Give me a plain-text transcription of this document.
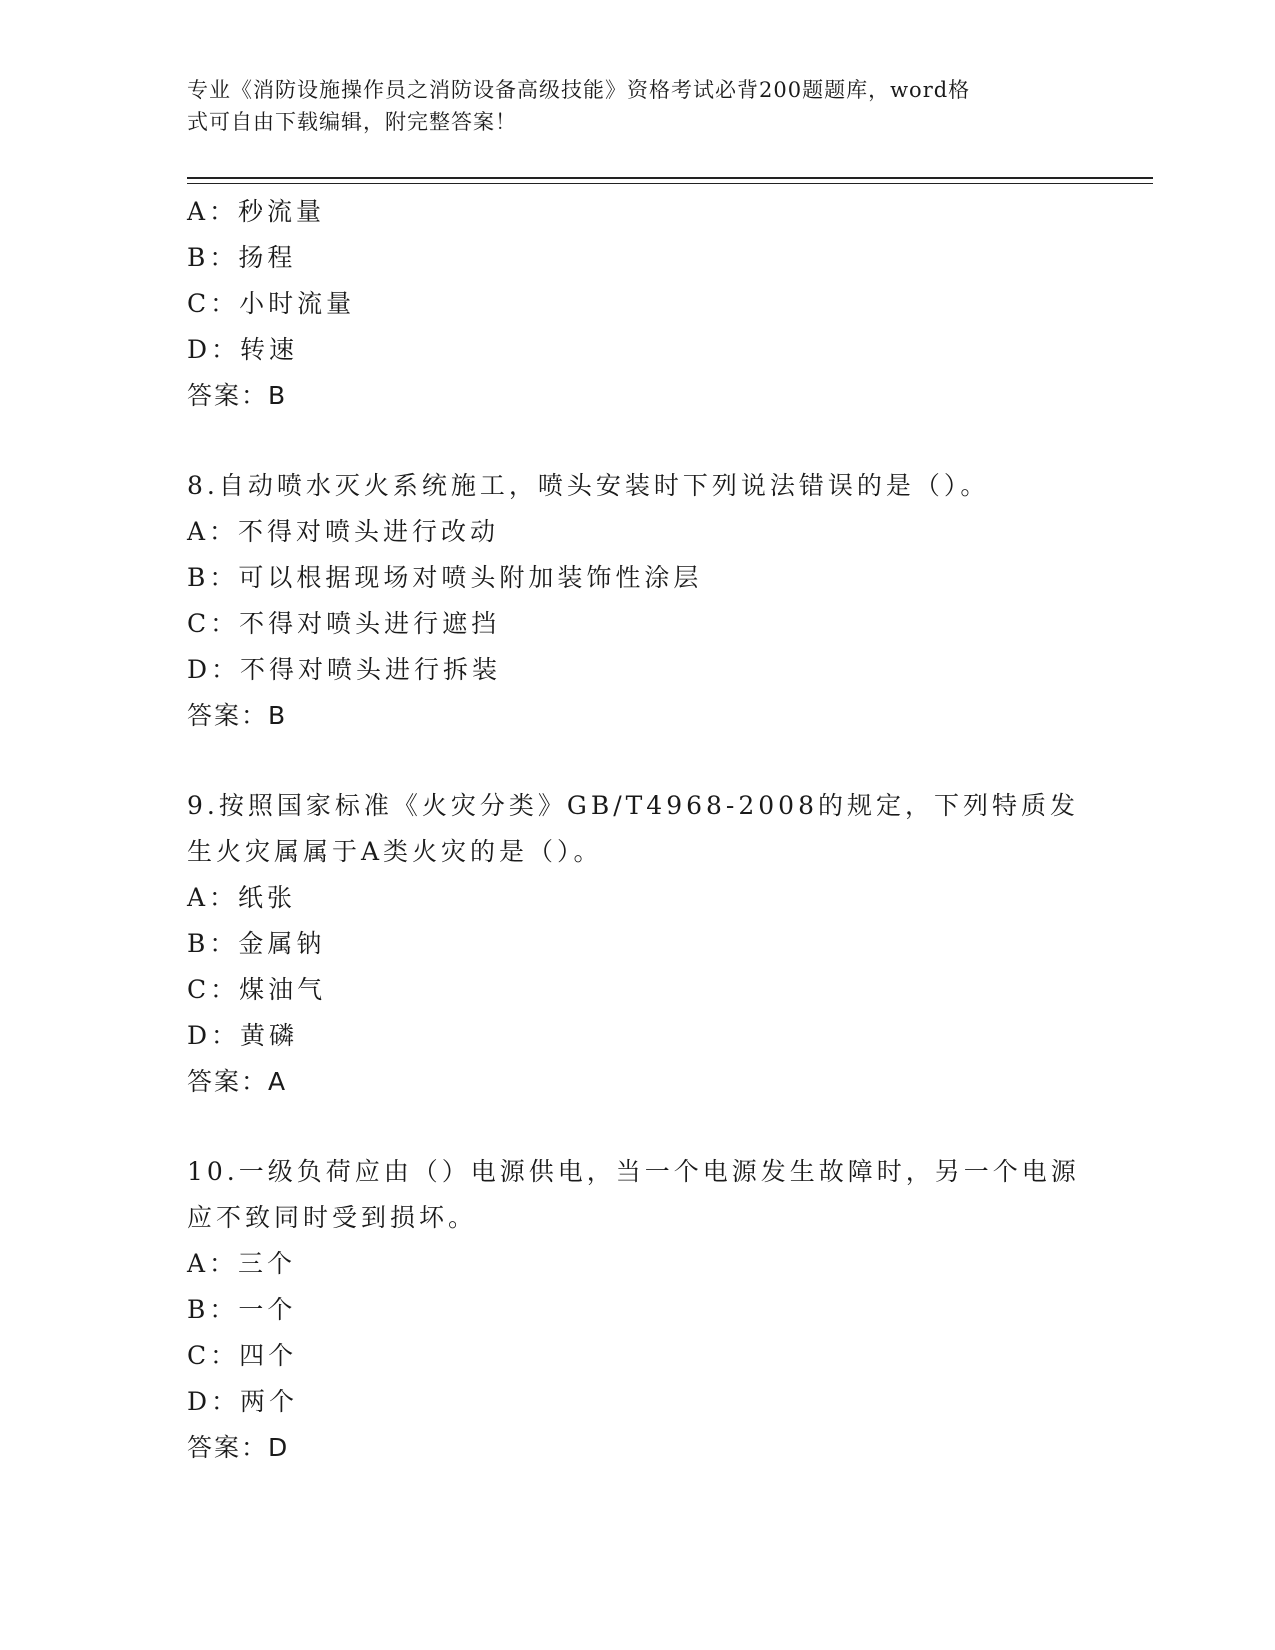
专业《消防设施操作员之消防设备高级技能》资格考试必背200题题库，word格
式可自由下载编辑，附完整答案！
A：秒流量
B：扬程
C：小时流量
D：转速
答案：B
8.自动喷水灭火系统施工，喷头安装时下列说法错误的是（）。
A：不得对喷头进行改动
B：可以根据现场对喷头附加装饰性涂层
C：不得对喷头进行遮挡
D：不得对喷头进行拆装
答案：B
9.按照国家标准《火灾分类》GB/T4968-2008的规定，下列特质发生火灾属属于A类火灾的是（）。
A：纸张
B：金属钠
C：煤油气
D：黄磷
答案：A
10.一级负荷应由（）电源供电，当一个电源发生故障时，另一个电源应不致同时受到损坏。
A：三个
B：一个
C：四个
D：两个
答案：D
